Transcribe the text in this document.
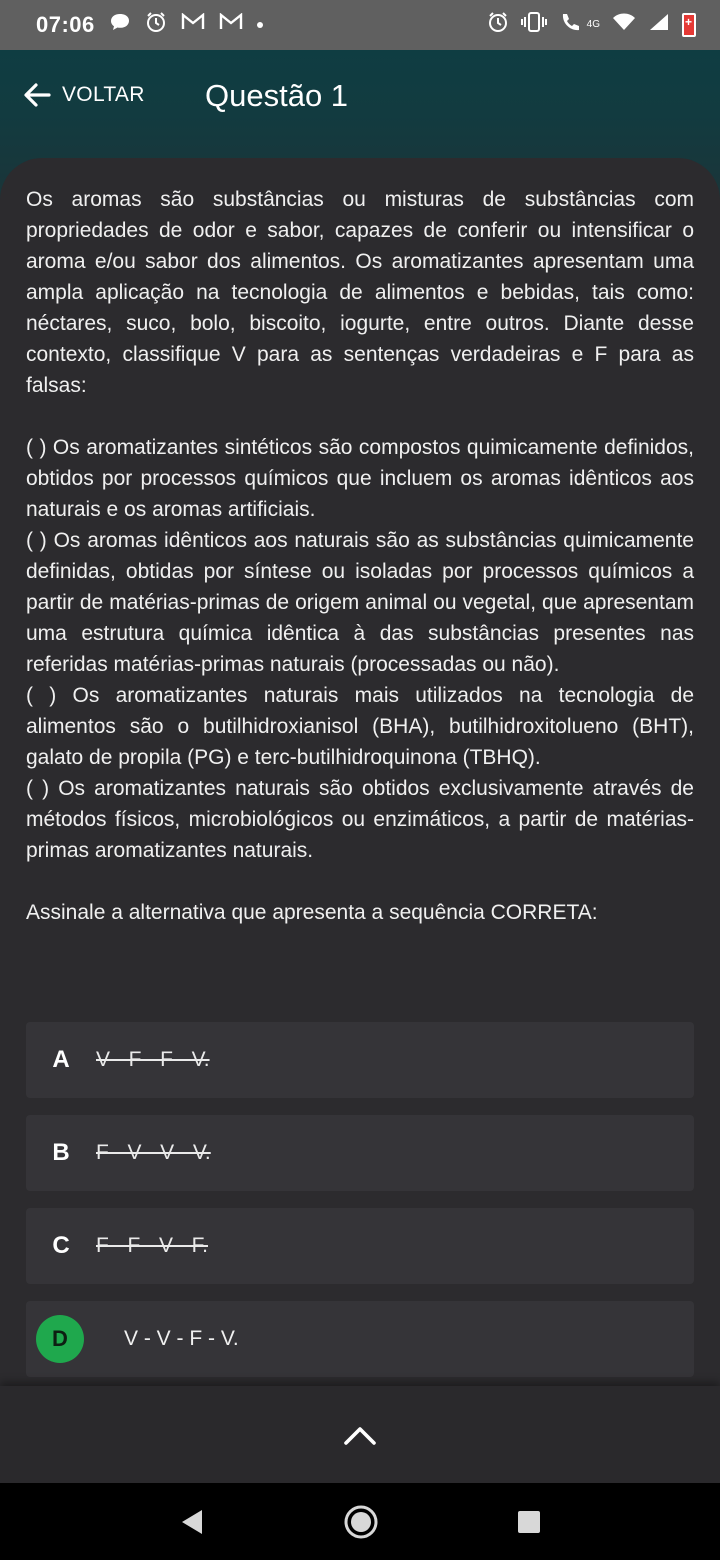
07:06	$^{4G}$
+
VOLTAR Questão 1

Os aromas são substâncias ou misturas de substâncias com propriedades de odor e sabor, capazes de conferir ou intensificar o aroma e/ou sabor dos alimentos. Os aromatizantes apresentam uma ampla aplicação na tecnologia de alimentos e bebidas, tais como: néctares, suco, bolo, biscoito, iogurte, entre outros. Diante desse contexto, classifique V para as sentenças verdadeiras e F para as falsas:

( ) Os aromatizantes sintéticos são compostos quimicamente definidos, obtidos por processos químicos que incluem os aromas idênticos aos naturais e os aromas artificiais.

( ) Os aromas idênticos aos naturais são as substâncias quimicamente definidas, obtidas por síntese ou isoladas por processos químicos a partir de matérias-primas de origem animal ou vegetal, que apresentam uma estrutura química idêntica à das substâncias presentes nas referidas matérias-primas naturais (processadas ou não).

( ) Os aromatizantes naturais mais utilizados na tecnologia de alimentos são o butilhidroxianisol (BHA), butilhidroxitolueno (BHT), galato de propila (PG) e terc-butilhidroquinona (TBHQ).

( ) Os aromatizantes naturais são obtidos exclusivamente através de métodos físicos, microbiológicos ou enzimáticos, a partir de matérias-primas aromatizantes naturais.

Assinale a alternativa que apresenta a sequência CORRETA:

A	V - F - F - V.
B	F - V - V - V.
C	F - F - V - F.
D	V - V - F - V.
